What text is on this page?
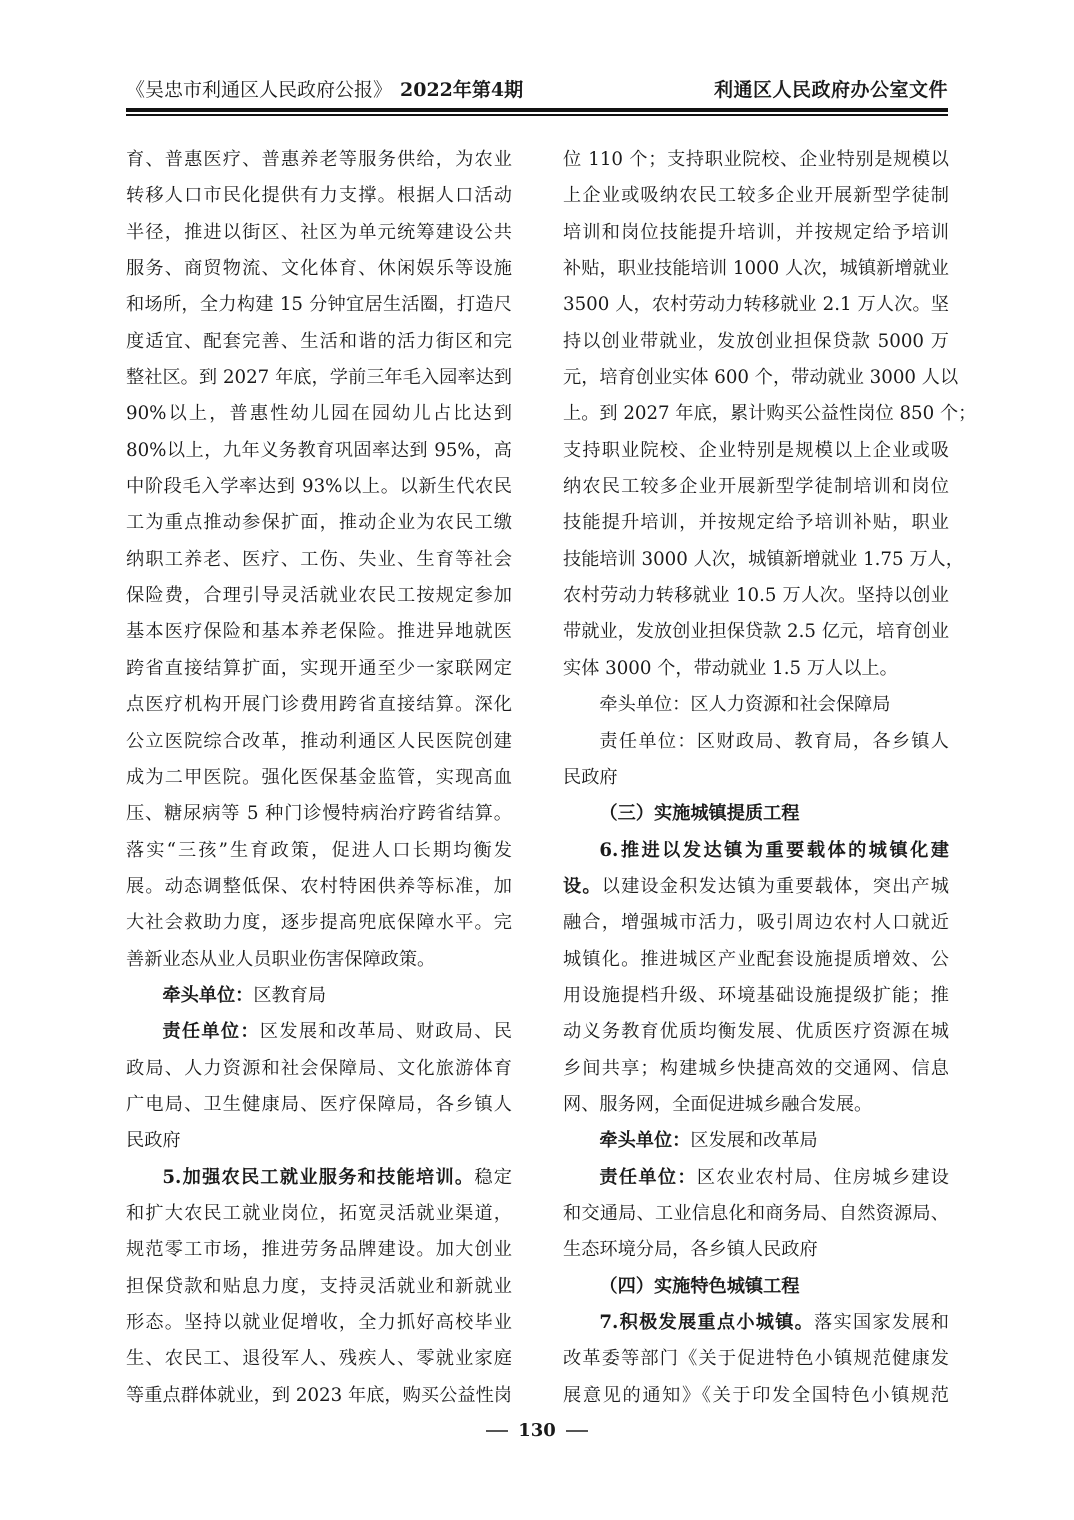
《吴忠市利通区人民政府公报》 2022年第4期	利通区人民政府办公室文件
育、普惠医疗、普惠养老等服务供给，为农业
转移人口市民化提供有力支撑。根据人口活动
半径，推进以街区、社区为单元统筹建设公共
服务、商贸物流、文化体育、休闲娱乐等设施
和场所，全力构建 15 分钟宜居生活圈，打造尺
度适宜、配套完善、生活和谐的活力街区和完
整社区。到 2027 年底，学前三年毛入园率达到
90%以上，普惠性幼儿园在园幼儿占比达到
80%以上，九年义务教育巩固率达到 95%，高
中阶段毛入学率达到 93%以上。以新生代农民
工为重点推动参保扩面，推动企业为农民工缴
纳职工养老、医疗、工伤、失业、生育等社会
保险费，合理引导灵活就业农民工按规定参加
基本医疗保险和基本养老保险。推进异地就医
跨省直接结算扩面，实现开通至少一家联网定
点医疗机构开展门诊费用跨省直接结算。深化
公立医院综合改革，推动利通区人民医院创建
成为二甲医院。强化医保基金监管，实现高血
压、糖尿病等 5 种门诊慢特病治疗跨省结算。
落实“三孩”生育政策，促进人口长期均衡发
展。动态调整低保、农村特困供养等标准，加
大社会救助力度，逐步提高兜底保障水平。完
善新业态从业人员职业伤害保障政策。
牵头单位：区教育局
责任单位：区发展和改革局、财政局、民
政局、人力资源和社会保障局、文化旅游体育
广电局、卫生健康局、医疗保障局，各乡镇人
民政府
5.加强农民工就业服务和技能培训。稳定
和扩大农民工就业岗位，拓宽灵活就业渠道，
规范零工市场，推进劳务品牌建设。加大创业
担保贷款和贴息力度，支持灵活就业和新就业
形态。坚持以就业促增收，全力抓好高校毕业
生、农民工、退役军人、残疾人、零就业家庭
等重点群体就业，到 2023 年底，购买公益性岗
位 110 个；支持职业院校、企业特别是规模以
上企业或吸纳农民工较多企业开展新型学徒制
培训和岗位技能提升培训，并按规定给予培训
补贴，职业技能培训 1000 人次，城镇新增就业
3500 人，农村劳动力转移就业 2.1 万人次。坚
持以创业带就业，发放创业担保贷款 5000 万
元，培育创业实体 600 个，带动就业 3000 人以
上。到 2027 年底，累计购买公益性岗位 850 个；
支持职业院校、企业特别是规模以上企业或吸
纳农民工较多企业开展新型学徒制培训和岗位
技能提升培训，并按规定给予培训补贴，职业
技能培训 3000 人次，城镇新增就业 1.75 万人，
农村劳动力转移就业 10.5 万人次。坚持以创业
带就业，发放创业担保贷款 2.5 亿元，培育创业
实体 3000 个，带动就业 1.5 万人以上。
牵头单位：区人力资源和社会保障局
责任单位：区财政局、教育局，各乡镇人
民政府
（三）实施城镇提质工程
6.推进以发达镇为重要载体的城镇化建
设。以建设金积发达镇为重要载体，突出产城
融合，增强城市活力，吸引周边农村人口就近
城镇化。推进城区产业配套设施提质增效、公
用设施提档升级、环境基础设施提级扩能；推
动义务教育优质均衡发展、优质医疗资源在城
乡间共享；构建城乡快捷高效的交通网、信息
网、服务网，全面促进城乡融合发展。
牵头单位：区发展和改革局
责任单位：区农业农村局、住房城乡建设
和交通局、工业信息化和商务局、自然资源局、
生态环境分局，各乡镇人民政府
（四）实施特色城镇工程
7.积极发展重点小城镇。落实国家发展和
改革委等部门《关于促进特色小镇规范健康发
展意见的通知》《关于印发全国特色小镇规范
130
